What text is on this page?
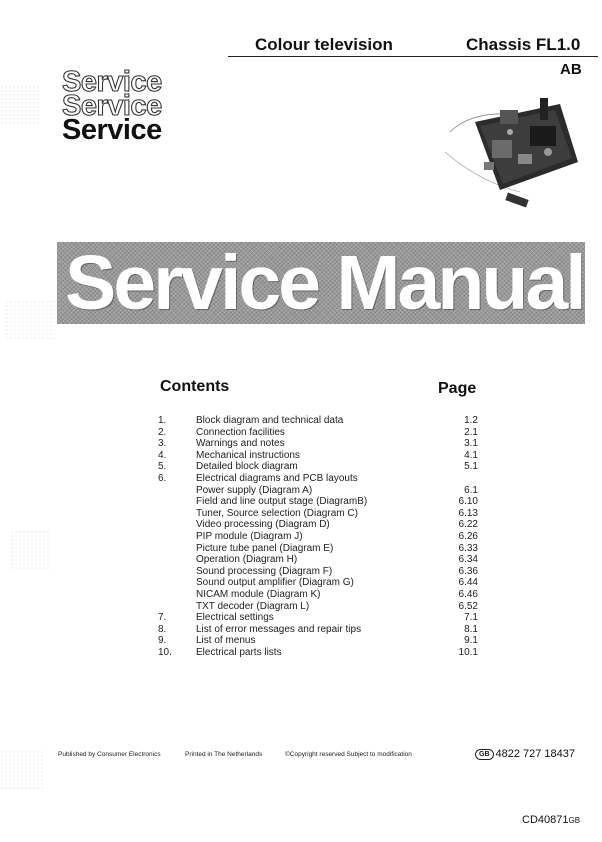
Colour television	Chassis FL1.0
AB
Service
Service
Service
Service Manual
Contents	Page
1.	Block diagram and technical data	1.2
2.	Connection facilities	2.1
3.	Warnings and notes	3.1
4.	Mechanical instructions	4.1
5.	Detailed block diagram	5.1
6.	Electrical diagrams and PCB layouts
Power supply (Diagram A)	6.1
Field and line output stage (DiagramB)	6.10
Tuner, Source selection (Diagram C)	6.13
Video processing (Diagram D)	6.22
PIP module (Diagram J)	6.26
Picture tube panel (Diagram E)	6.33
Operation (Diagram H)	6.34
Sound processing (Diagram F)	6.36
Sound output amplifier (Diagram G)	6.44
NICAM module (Diagram K)	6.46
TXT decoder (Diagram L)	6.52
7.	Electrical settings	7.1
8.	List of error messages and repair tips	8.1
9.	List of menus	9.1
10. Electrical parts lists	10.1
Published by Consumer Electronics	Printed in The Netherlands	©Copyright reserved Subject to modification	GB 4822 727 18437
CD40871GB
